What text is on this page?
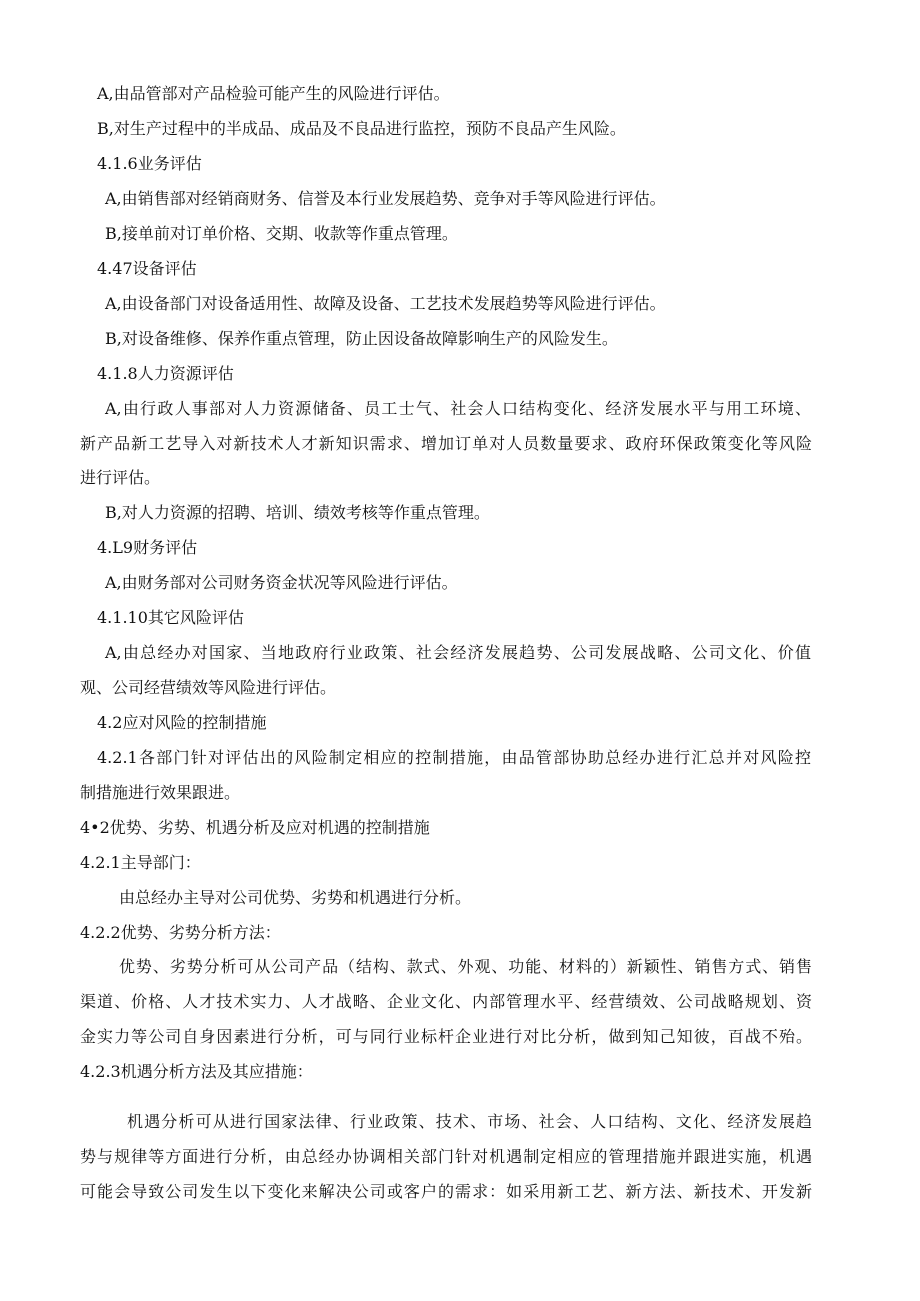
A,由品管部对产品检验可能产生的风险进行评估。
B,对生产过程中的半成品、成品及不良品进行监控，预防不良品产生风险。
4.1.6业务评估
A,由销售部对经销商财务、信誉及本行业发展趋势、竞争对手等风险进行评估。
B,接单前对订单价格、交期、收款等作重点管理。
4.47设备评估
A,由设备部门对设备适用性、故障及设备、工艺技术发展趋势等风险进行评估。
B,对设备维修、保养作重点管理，防止因设备故障影响生产的风险发生。
4.1.8人力资源评估
A,由行政人事部对人力资源储备、员工士气、社会人口结构变化、经济发展水平与用工环境、
新产品新工艺导入对新技术人才新知识需求、增加订单对人员数量要求、政府环保政策变化等风险
进行评估。
B,对人力资源的招聘、培训、绩效考核等作重点管理。
4.L9财务评估
A,由财务部对公司财务资金状况等风险进行评估。
4.1.10其它风险评估
A,由总经办对国家、当地政府行业政策、社会经济发展趋势、公司发展战略、公司文化、价值
观、公司经营绩效等风险进行评估。
4.2应对风险的控制措施
4.2.1各部门针对评估出的风险制定相应的控制措施，由品管部协助总经办进行汇总并对风险控
制措施进行效果跟进。
4•2优势、劣势、机遇分析及应对机遇的控制措施
4.2.1主导部门：
由总经办主导对公司优势、劣势和机遇进行分析。
4.2.2优势、劣势分析方法：
优势、劣势分析可从公司产品（结构、款式、外观、功能、材料的）新颖性、销售方式、销售
渠道、价格、人才技术实力、人才战略、企业文化、内部管理水平、经营绩效、公司战略规划、资
金实力等公司自身因素进行分析，可与同行业标杆企业进行对比分析，做到知己知彼，百战不殆。
4.2.3机遇分析方法及其应措施：
机遇分析可从进行国家法律、行业政策、技术、市场、社会、人口结构、文化、经济发展趋
势与规律等方面进行分析，由总经办协调相关部门针对机遇制定相应的管理措施并跟进实施，机遇
可能会导致公司发生以下变化来解决公司或客户的需求：如采用新工艺、新方法、新技术、开发新
